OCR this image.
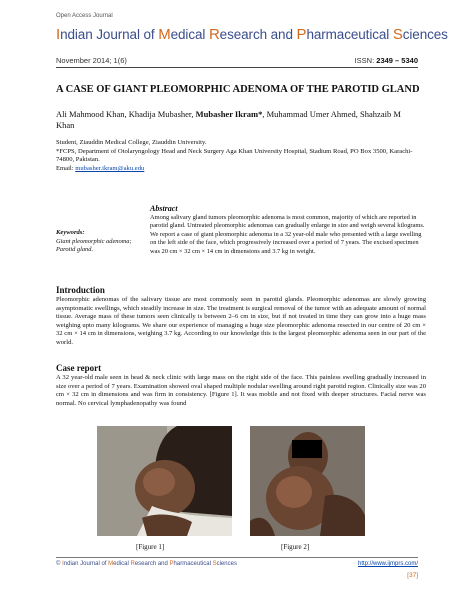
Open Access Journal
Indian Journal of Medical Research and Pharmaceutical Sciences
November 2014; 1(6)	ISSN: 2349 – 5340
A CASE OF GIANT PLEOMORPHIC ADENOMA OF THE PAROTID GLAND
Ali Mahmood Khan, Khadija Mubasher, Mubasher Ikram*, Muhammad Umer Ahmed, Shahzaib M Khan
Student, Ziauddin Medical College, Ziauddin University.
*FCPS, Department of Otolaryngology Head and Neck Surgery Aga Khan University Hospital, Stadium Road, PO Box 3500, Karachi-74800, Pakistan.
Email: mubasher.ikram@aku.edu
Abstract
Among salivary gland tumors pleomorphic adenoma is most common, majority of which are reported in parotid gland. Untreated pleomorphic adenomas can gradually enlarge in size and weigh several kilograms. We report a case of giant pleomorphic adenoma in a 32 year-old male who presented with a large swelling on the left side of the face, which progressively increased over a period of 7 years. The excised specimen was 20 cm × 32 cm × 14 cm in dimensions and 3.7 kg in weight.
Keywords:
Giant pleomorphic adenoma; Parotid gland.
Introduction
Pleomorphic adenomas of the salivary tissue are most commonly seen in parotid glands. Pleomorphic adenomas are slowly growing asymptomatic swellings, which steadily increase in size. The treatment is surgical removal of the tumor with an adequate amount of normal tissue. Average mass of these tumors seen clinically is between 2–6 cm in size, but if not treated in time they can grow into a huge mass weighing upto many kilograms. We share our experience of managing a huge size pleomorphic adenoma resected in our centre of 20 cm × 32 cm × 14 cm in dimensions, weighing 3.7 kg. According to our knowledge this is the largest pleomorphic adenoma seen in our part of the world.
Case report
A 32 year-old male seen in head & neck clinic with large mass on the right side of the face. This painless swelling gradually increased in size over a period of 7 years. Examination showed oval shaped multiple nodular swelling around right parotid region. Clinically size was 20 cm × 32 cm in dimensions and was firm in consistency. [Figure 1]. It was mobile and not fixed with deeper structures. Facial nerve was normal. No cervical lymphadenopathy was found
[Figure 1]	[Figure 2]
© Indian Journal of Medical Research and Pharmaceutical Sciences	http://www.ijmprs.com/
[37]
